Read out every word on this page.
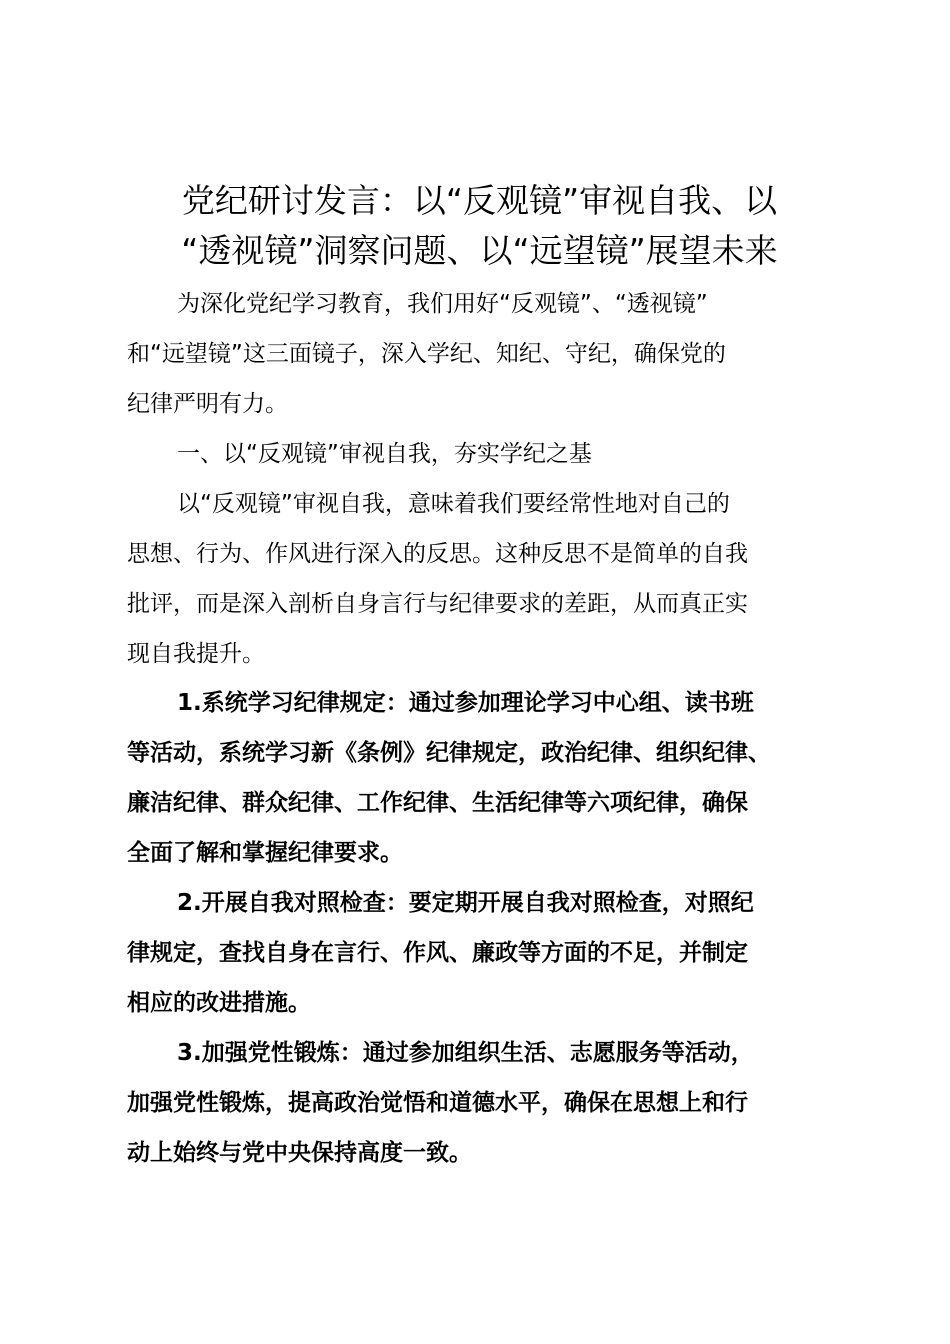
党纪研讨发言：以“反观镜”审视自我、以
“透视镜”洞察问题、以“远望镜”展望未来

为深化党纪学习教育，我们用好“反观镜”、“透视镜”
和“远望镜”这三面镜子，深入学纪、知纪、守纪，确保党的
纪律严明有力。

一、以“反观镜”审视自我，夯实学纪之基

以“反观镜”审视自我，意味着我们要经常性地对自己的
思想、行为、作风进行深入的反思。这种反思不是简单的自我
批评，而是深入剖析自身言行与纪律要求的差距，从而真正实
现自我提升。

1.系统学习纪律规定：通过参加理论学习中心组、读书班
等活动，系统学习新《条例》纪律规定，政治纪律、组织纪律、
廉洁纪律、群众纪律、工作纪律、生活纪律等六项纪律，确保
全面了解和掌握纪律要求。

2.开展自我对照检查：要定期开展自我对照检查，对照纪
律规定，查找自身在言行、作风、廉政等方面的不足，并制定
相应的改进措施。

3.加强党性锻炼：通过参加组织生活、志愿服务等活动，
加强党性锻炼，提高政治觉悟和道德水平，确保在思想上和行
动上始终与党中央保持高度一致。
